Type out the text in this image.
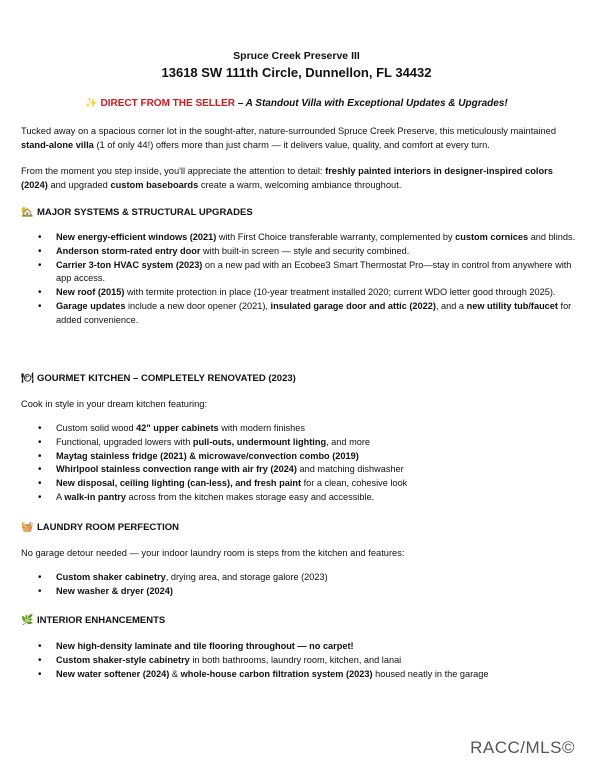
Spruce Creek Preserve III
13618 SW 111th Circle, Dunnellon, FL 34432
✨ DIRECT FROM THE SELLER – A Standout Villa with Exceptional Updates & Upgrades!

Tucked away on a spacious corner lot in the sought-after, nature-surrounded Spruce Creek Preserve, this meticulously maintained stand-alone villa (1 of only 44!) offers more than just charm — it delivers value, quality, and comfort at every turn.

From the moment you step inside, you'll appreciate the attention to detail: freshly painted interiors in designer-inspired colors (2024) and upgraded custom baseboards create a warm, welcoming ambiance throughout.

🏡 MAJOR SYSTEMS & STRUCTURAL UPGRADES
• New energy-efficient windows (2021) with First Choice transferable warranty, complemented by custom cornices and blinds.
• Anderson storm-rated entry door with built-in screen — style and security combined.
• Carrier 3-ton HVAC system (2023) on a new pad with an Ecobee3 Smart Thermostat Pro—stay in control from anywhere with app access.
• New roof (2015) with termite protection in place (10-year treatment installed 2020; current WDO letter good through 2025).
• Garage updates include a new door opener (2021), insulated garage door and attic (2022), and a new utility tub/faucet for added convenience.
🍽 GOURMET KITCHEN – COMPLETELY RENOVATED (2023)

Cook in style in your dream kitchen featuring:

• Custom solid wood 42" upper cabinets with modern finishes
• Functional, upgraded lowers with pull-outs, undermount lighting, and more
• Maytag stainless fridge (2021) & microwave/convection combo (2019)
• Whirlpool stainless convection range with air fry (2024) and matching dishwasher
• New disposal, ceiling lighting (can-less), and fresh paint for a clean, cohesive look
• A walk-in pantry across from the kitchen makes storage easy and accessible.
🧺 LAUNDRY ROOM PERFECTION

No garage detour needed — your indoor laundry room is steps from the kitchen and features:

• Custom shaker cabinetry, drying area, and storage galore (2023)
• New washer & dryer (2024)
🌿 INTERIOR ENHANCEMENTS
• New high-density laminate and tile flooring throughout — no carpet!
• Custom shaker-style cabinetry in both bathrooms, laundry room, kitchen, and lanai
• New water softener (2024) & whole-house carbon filtration system (2023) housed neatly in the garage
RACC/MLS©
